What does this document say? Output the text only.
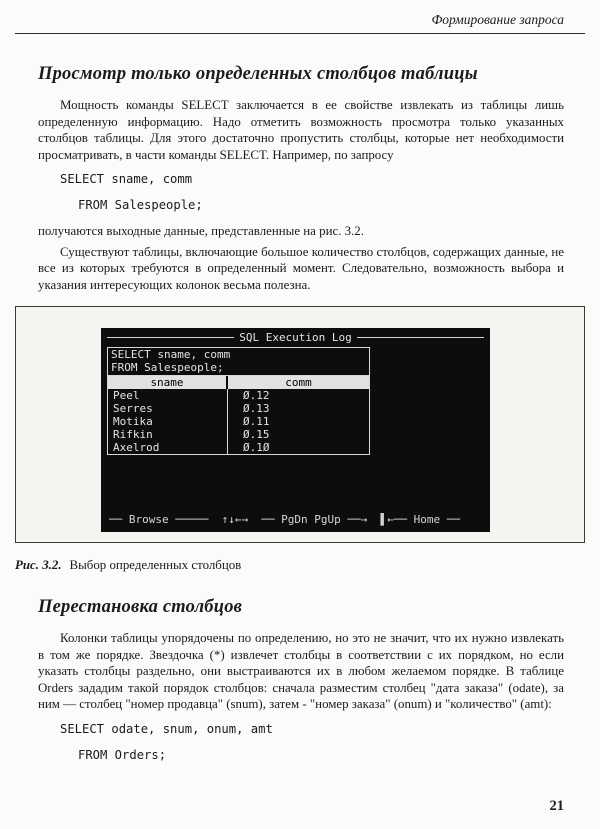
Формирование запроса
Просмотр только определенных столбцов таблицы

Мощность команды SELECT заключается в ее свойстве извлекать из таблицы лишь определенную информацию. Надо отметить возможность просмотра только указанных столбцов таблицы. Для этого достаточно пропустить столбцы, которые нет необходимости просматривать, в части команды SELECT. Например, по запросу

SELECT sname, comm
FROM Salespeople;

получаются выходные данные, представленные на рис. 3.2.

Существуют таблицы, включающие большое количество столбцов, содержащих данные, не все из которых требуются в определенный момент. Следовательно, возможность выбора и указания интересующих колонок весьма полезна.

SQL Execution Log
SELECT sname, comm
FROM Salespeople;
sname	comm
Peel	Ø.12
Serres	Ø.13
Motika	Ø.11
Rifkin	Ø.15
Axelrod	Ø.1Ø
── Browse ─────  ↑↓←→  ── PgDn PgUp ──→  ▌←── Home ──
Рис. 3.2. Выбор определенных столбцов
Перестановка столбцов

Колонки таблицы упорядочены по определению, но это не значит, что их нужно извлекать в том же порядке. Звездочка (*) извлечет столбцы в соответствии с их порядком, но если указать столбцы раздельно, они выстраиваются их в любом желаемом порядке. В таблице Orders зададим такой порядок столбцов: сначала разместим столбец "дата заказа" (odate), за ним — столбец "номер продавца" (snum), затем - "номер заказа" (onum) и "количество" (amt):

SELECT odate, snum, onum, amt
FROM Orders;
21
